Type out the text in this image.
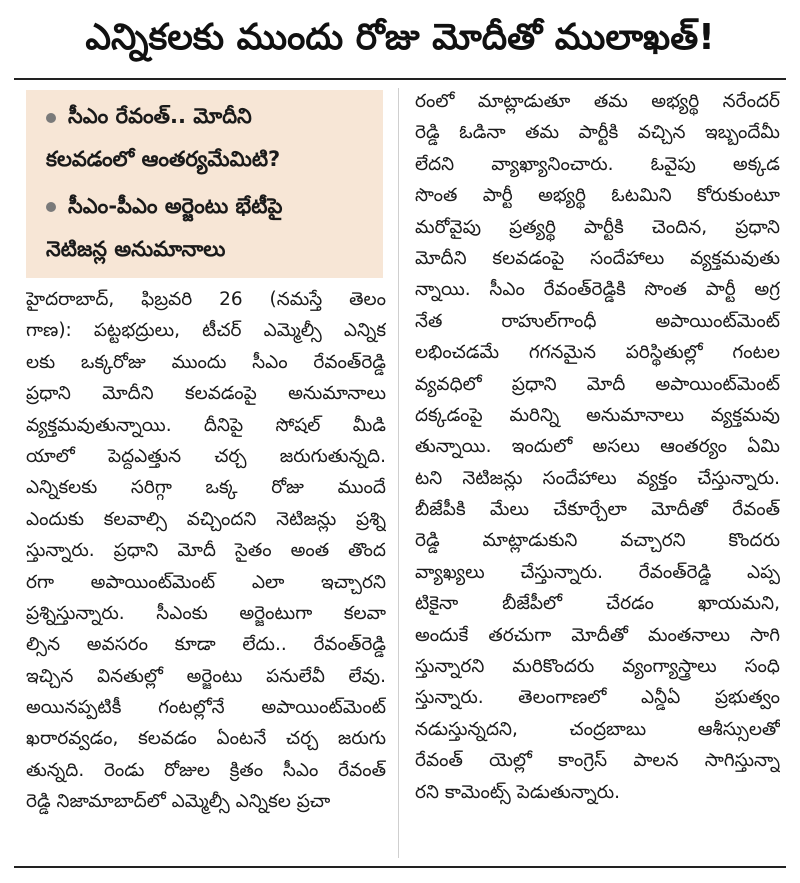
ఎన్నికలకు ముందు రోజు మోదీతో ములాఖత్!
సీఎం రేవంత్.. మోదీని
కలవడంలో ఆంతర్యమేమిటి?
సీఎం-పీఎం అర్జెంటు భేటీపై
నెటిజన్ల అనుమానాలు
హైదరాబాద్, ఫిబ్రవరి 26 (నమస్తే తెలం
గాణ): పట్టభద్రులు, టీచర్ ఎమ్మెల్సీ ఎన్నిక
లకు ఒక్కరోజు ముందు సీఎం రేవంత్‌రెడ్డి
ప్రధాని మోదీని కలవడంపై అనుమానాలు
వ్యక్తమవుతున్నాయి. దీనిపై సోషల్ మీడి
యాలో పెద్దఎత్తున చర్చ జరుగుతున్నది.
ఎన్నికలకు సరిగ్గా ఒక్క రోజు ముందే
ఎందుకు కలవాల్సి వచ్చిందని నెటిజన్లు ప్రశ్ని
స్తున్నారు. ప్రధాని మోదీ సైతం అంత తొంద
రగా అపాయింట్‌మెంట్ ఎలా ఇచ్చారని
ప్రశ్నిస్తున్నారు. సీఎంకు అర్జెంటుగా కలవా
ల్సిన అవసరం కూడా లేదు.. రేవంత్‌రెడ్డి
ఇచ్చిన వినతుల్లో అర్జెంటు పనులేవీ లేవు.
అయినప్పటికీ గంటల్లోనే అపాయింట్‌మెంట్
ఖరారవ్వడం, కలవడం ఏంటనే చర్చ జరుగు
తున్నది. రెండు రోజుల క్రితం సీఎం రేవంత్
రెడ్డి నిజామాబాద్‌లో ఎమ్మెల్సీ ఎన్నికల ప్రచా
రంలో మాట్లాడుతూ తమ అభ్యర్థి నరేందర్
రెడ్డి ఓడినా తమ పార్టీకి వచ్చిన ఇబ్బందేమీ
లేదని వ్యాఖ్యానించారు. ఓవైపు అక్కడ
సొంత పార్టీ అభ్యర్థి ఓటమిని కోరుకుంటూ
మరోవైపు ప్రత్యర్థి పార్టీకి చెందిన, ప్రధాని
మోదీని కలవడంపై సందేహాలు వ్యక్తమవుతు
న్నాయి. సీఎం రేవంత్‌రెడ్డికి సొంత పార్టీ అగ్ర
నేత రాహుల్‌గాంధీ అపాయింట్‌మెంట్
లభించడమే గగనమైన పరిస్థితుల్లో గంటల
వ్యవధిలో ప్రధాని మోదీ అపాయింట్‌మెంట్
దక్కడంపై మరిన్ని అనుమానాలు వ్యక్తమవు
తున్నాయి. ఇందులో అసలు ఆంతర్యం ఏమి
టని నెటిజన్లు సందేహాలు వ్యక్తం చేస్తున్నారు.
బీజేపీకి మేలు చేకూర్చేలా మోదీతో రేవంత్
రెడ్డి మాట్లాడుకుని వచ్చారని కొందరు
వ్యాఖ్యలు చేస్తున్నారు. రేవంత్‌రెడ్డి ఎప్ప
టికైనా బీజేపీలో చేరడం ఖాయమని,
అందుకే తరచుగా మోదీతో మంతనాలు సాగి
స్తున్నారని మరికొందరు వ్యంగ్యాస్త్రాలు సంధి
స్తున్నారు. తెలంగాణలో ఎన్డీఏ ప్రభుత్వం
నడుస్తున్నదని, చంద్రబాబు ఆశీస్సులతో
రేవంత్ యెల్లో కాంగ్రెస్ పాలన సాగిస్తున్నా
రని కామెంట్స్ పెడుతున్నారు.
